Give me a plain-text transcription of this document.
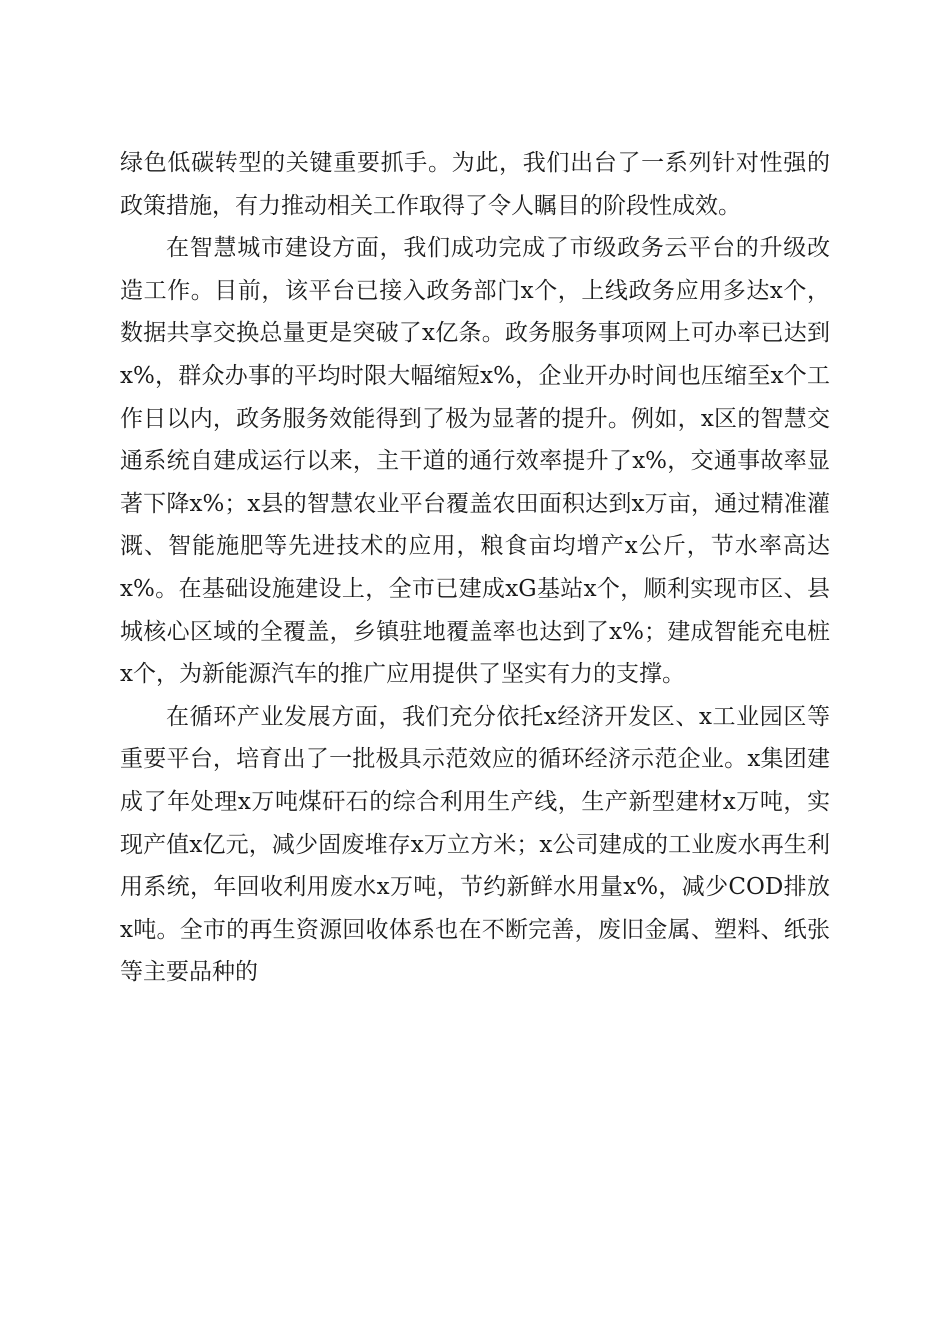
绿色低碳转型的关键重要抓手。为此，我们出台了一系列针对性强的政策措施，有力推动相关工作取得了令人瞩目的阶段性成效。

在智慧城市建设方面，我们成功完成了市级政务云平台的升级改造工作。目前，该平台已接入政务部门x个，上线政务应用多达x个，数据共享交换总量更是突破了x亿条。政务服务事项网上可办率已达到x%，群众办事的平均时限大幅缩短x%，企业开办时间也压缩至x个工作日以内，政务服务效能得到了极为显著的提升。例如，x区的智慧交通系统自建成运行以来，主干道的通行效率提升了x%，交通事故率显著下降x%；x县的智慧农业平台覆盖农田面积达到x万亩，通过精准灌溉、智能施肥等先进技术的应用，粮食亩均增产x公斤，节水率高达x%。在基础设施建设上，全市已建成xG基站x个，顺利实现市区、县城核心区域的全覆盖，乡镇驻地覆盖率也达到了x%；建成智能充电桩x个，为新能源汽车的推广应用提供了坚实有力的支撑。

在循环产业发展方面，我们充分依托x经济开发区、x工业园区等重要平台，培育出了一批极具示范效应的循环经济示范企业。x集团建成了年处理x万吨煤矸石的综合利用生产线，生产新型建材x万吨，实现产值x亿元，减少固废堆存x万立方米；x公司建成的工业废水再生利用系统，年回收利用废水x万吨，节约新鲜水用量x%，减少COD排放x吨。全市的再生资源回收体系也在不断完善，废旧金属、塑料、纸张等主要品种的
